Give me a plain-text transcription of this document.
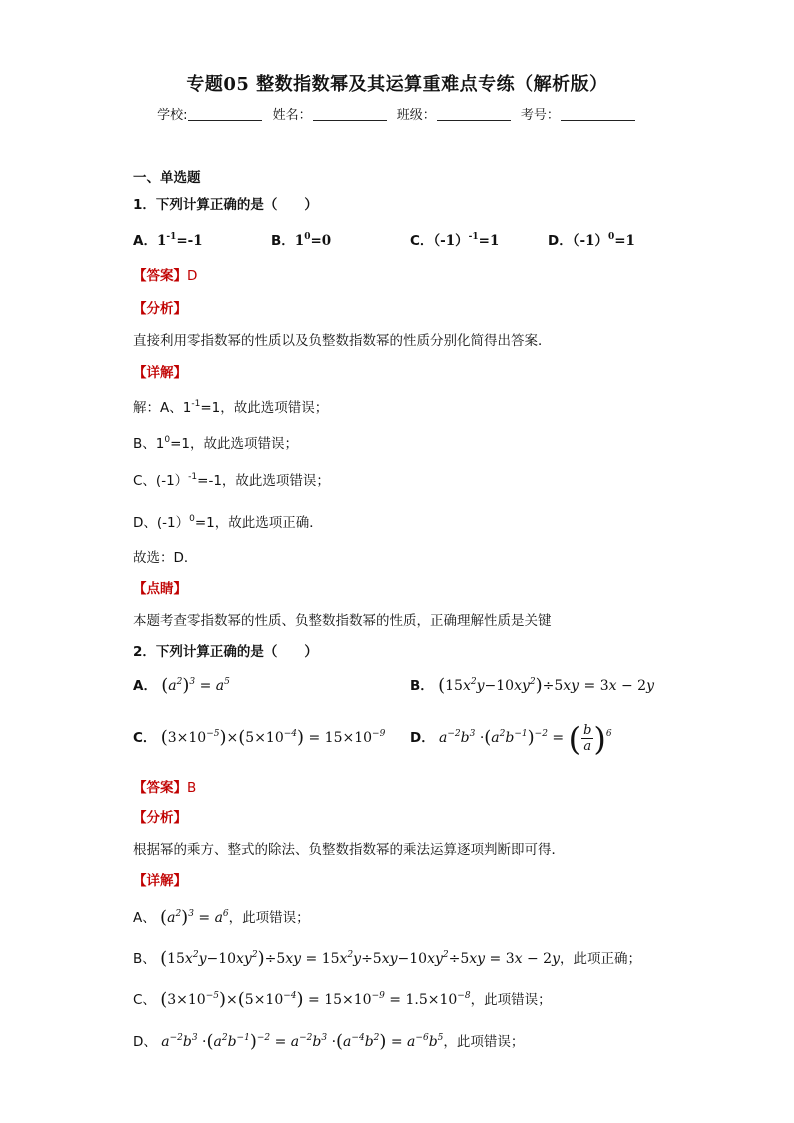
专题05 整数指数幂及其运算重难点专练（解析版）
学校:	姓名：	班级：	考号：
一、单选题
1．下列计算正确的是（　　）
A．$1^{-1}=-1$	B．$1^0=0$	C．$(-1)^{-1}=1$	D．$(-1)^0=1$
【答案】D
【分析】
直接利用零指数幂的性质以及负整数指数幂的性质分别化简得出答案．
【详解】
解：A、$1^{-1}=1$，故此选项错误；
B、$1^0=1$，故此选项错误；
C、(-1）$^{-1}$=-1，故此选项错误；
D、(-1）$^0$=1，故此选项正确．
故选：D．
【点睛】
本题考查零指数幂的性质、负整数指数幂的性质，正确理解性质是关键
2．下列计算正确的是（　　）
A． $(a^2)^3 = a^5$	B． $(15x^2y-10xy^2)\div 5xy = 3x - 2y$
C． $(3\times 10^{-5})\times(5\times 10^{-4}) = 15\times 10^{-9}$ D． $a^{-2}b^3 \cdot(a^2b^{-1})^{-2}$ = ( $\frac{b}{a} )^6$
【答案】B
【分析】
根据幂的乘方、整式的除法、负整数指数幂的乘法运算逐项判断即可得．
【详解】
A、 $(a^2)^3 = a^6$，此项错误；
B、 $(15x^2y-10xy^2)\div 5xy = 15x^2y\div 5xy-10xy^2\div 5xy = 3x - 2y$，此项正确；
C、 $(3\times 10^{-5})\times(5\times 10^{-4}) = 15\times 10^{-9} = 1.5\times 10^{-8}$，此项错误；
D、 $a^{-2}b^3 \cdot(a^2b^{-1})^{-2} = a^{-2}b^3 \cdot(a^{-4}b^2) = a^{-6}b^5$，此项错误；
